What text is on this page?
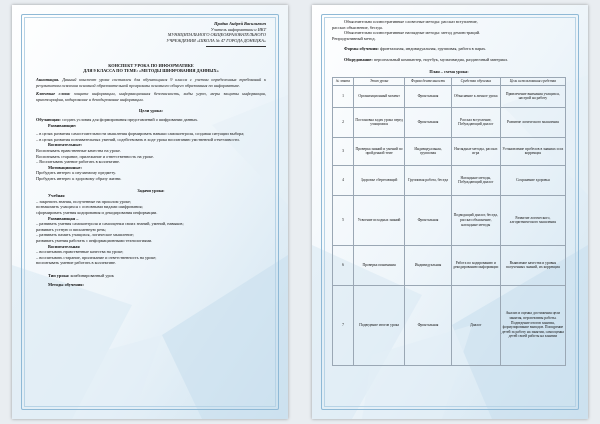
Прадко Андрей Васильевич
Учитель информатики и ИКТ
МУНИЦИПАЛЬНОГО ОБЩЕОБРАЗОВАТЕЛЬНОГО
УЧРЕЖДЕНИЯ «ШКОЛА № 47 ГОРОДА ДОНЕЦКА»
КОНСПЕКТ УРОКА ПО ИНФОРМАТИКЕ
ДЛЯ 9 КЛАССА ПО ТЕМЕ: «МЕТОДЫ ШИФРОВАНИЯ ДАННЫХ»

Аннотация. Данный конспект урока составлен для обучающихся 9 класса с учетом определенных требований к результатам освоения основной образовательной программы основного общего образования по информатике.

Ключевые слова: защита информации, информационная безопасность, виды угроз, меры защиты информации, криптография, кодирование и декодирование информации.

Цели урока:

Обучающая: создать условия для формирования представлений о шифровании данных.

Развивающие:
– в целях развития самостоятельности мышления формировать навыки самоконтроля, создавая ситуации выбора;
– в целях развития познавательных умений, содействовать в ходе урока воспитанию умственной отчетливости.
Воспитательные:
Воспитывать нравственные качества на уроке.
Воспитывать старание, прилежание и ответственность на уроке.
– Воспитывать умение работать в коллективе.
Мотивационные:
Пробудить интерес к изучаемому предмету.
Пробудить интерес к здоровому образу жизни.
Задачи урока:
Учебная
– закрепить знания, полученные на прошлом уроке;
познакомить учащихся с основными видами шифрования;
сформировать умения кодирования и декодирования информации.
Развивающая –
– развивать умения самоконтроля и самооценки своих знаний, умений, навыков;
развивать устную и письменную речь;
– развивать память учащихся, логическое мышление;
развивать умения работать с информационными технологиями.
Воспитательная
– воспитывать нравственные качества на уроке;
– воспитывать старание, прилежание и ответственность на уроке;
воспитывать умение работать в коллективе.

Тип урока: комбинированный урок

Методы обучения:
Объяснительно иллюстративные словесные методы: рассказ вступление,
рассказ объяснение, беседа.
Объяснительно иллюстративные наглядные методы: метод демонстраций.
Репродуктивный метод.

Формы обучения: фронтальная, индивидуальная, групповая, работа в парах.

Оборудование: персональный компьютер, ноутбук, мультимедиа, раздаточный материал.

План – схема урока:
№ этапа	Этап урока	Форма деятельности	Средства обучения	Цель использования средства
1	Организационный момент	Фронтальная	Объяснение к личное урока	Привлечение внимания учащихся, настрой на работу
2	Постановка задач урока перед учащимися	Фронтальная	Рассказ вступление, Побуждающий диалог	Развитие логического мышления
3	Проверка знаний и умений по пройденной теме	Индивидуальная, групповая	Наглядные методы, рассказ игра	Установление пробелов в знаниях и их коррекция
4	Здоровье сберегающий	Групповая работа, беседа	Наглядные методы, Побуждающий диалог	Сохранение здоровья
5	Усвоение исходных знаний	Фронтальная	Подводящий диалог, беседа, рассказ объяснение, наглядные методы	Развитие логического, алгоритмического мышления
6	Проверка понимания	Индивидуальная	Работа по кодированию и декодированию информации	Выявление качества и уровня полученных знаний, их коррекция
7	Подведение итогов урока	Фронтальная	Диалог	Анализ и оценка достижения цели занятия, перспективы работы. Подведение итогов занятия, формулирование выводов. Поощрение детей за работу на занятии, самооценка детей своей работы на занятии
